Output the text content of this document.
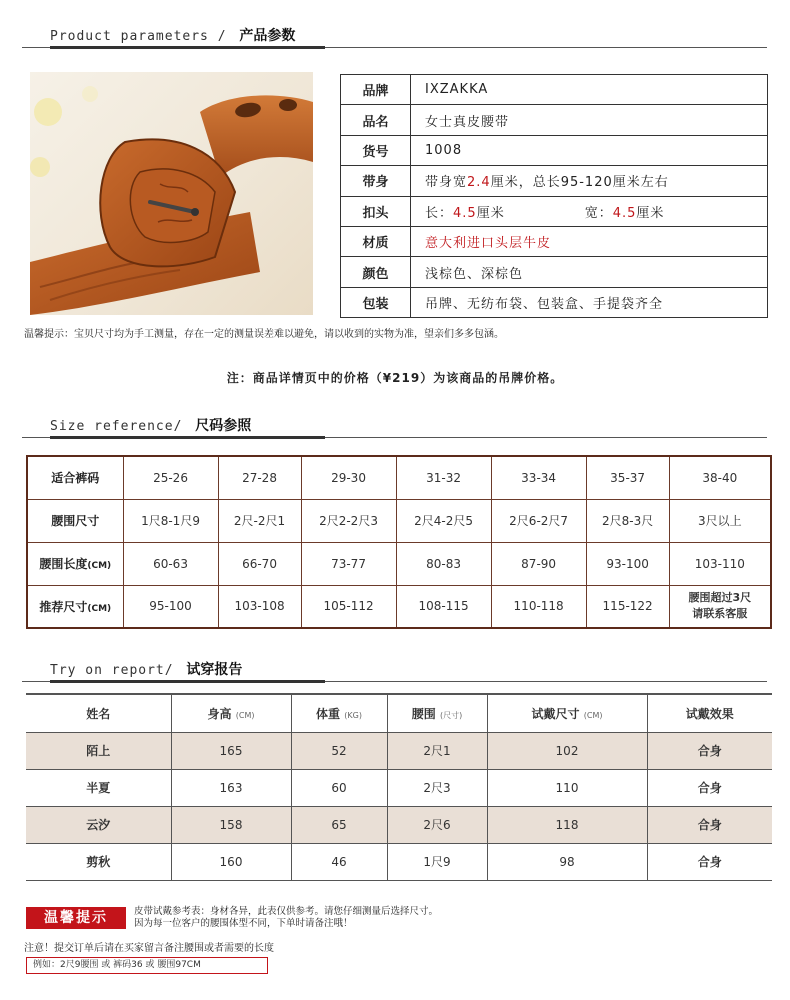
Product parameters / 产品参数
品牌	IXZAKKA
品名	女士真皮腰带
货号	1008
带身	带身宽2.4厘米，总长95-120厘米左右
扣头	长：4.5厘米 宽：4.5厘米
材质	意大利进口头层牛皮
颜色	浅棕色、深棕色
包装	吊牌、无纺布袋、包装盒、手提袋齐全
温馨提示：宝贝尺寸均为手工测量，存在一定的测量误差难以避免，请以收到的实物为准，望亲们多多包涵。
注：商品详情页中的价格（¥219）为该商品的吊牌价格。
Size reference/ 尺码参照
适合裤码	25-26	27-28	29-30	31-32	33-34	35-37	38-40
腰围尺寸	1尺8-1尺9	2尺-2尺1	2尺2-2尺3	2尺4-2尺5	2尺6-2尺7	2尺8-3尺	3尺以上
腰围长度(CM)	60-63	66-70	73-77	80-83	87-90	93-100	103-110
推荐尺寸(CM)	95-100	103-108	105-112	108-115	110-118	115-122	腰围超过3尺
请联系客服
Try on report/ 试穿报告
姓名	身高 (CM)	体重 (KG)	腰围 (尺寸)	试戴尺寸 (CM)	试戴效果
陌上	165	52	2尺1	102	合身
半夏	163	60	2尺3	110	合身
云汐	158	65	2尺6	118	合身
剪秋	160	46	1尺9	98	合身
温馨提示	皮带试戴参考表：身材各异，此表仅供参考。请您仔细测量后选择尺寸。
因为每一位客户的腰围体型不同，下单时请备注哦！
注意！提交订单后请在买家留言备注腰围或者需要的长度
例如：2尺9腰围 或 裤码36 或 腰围97CM
